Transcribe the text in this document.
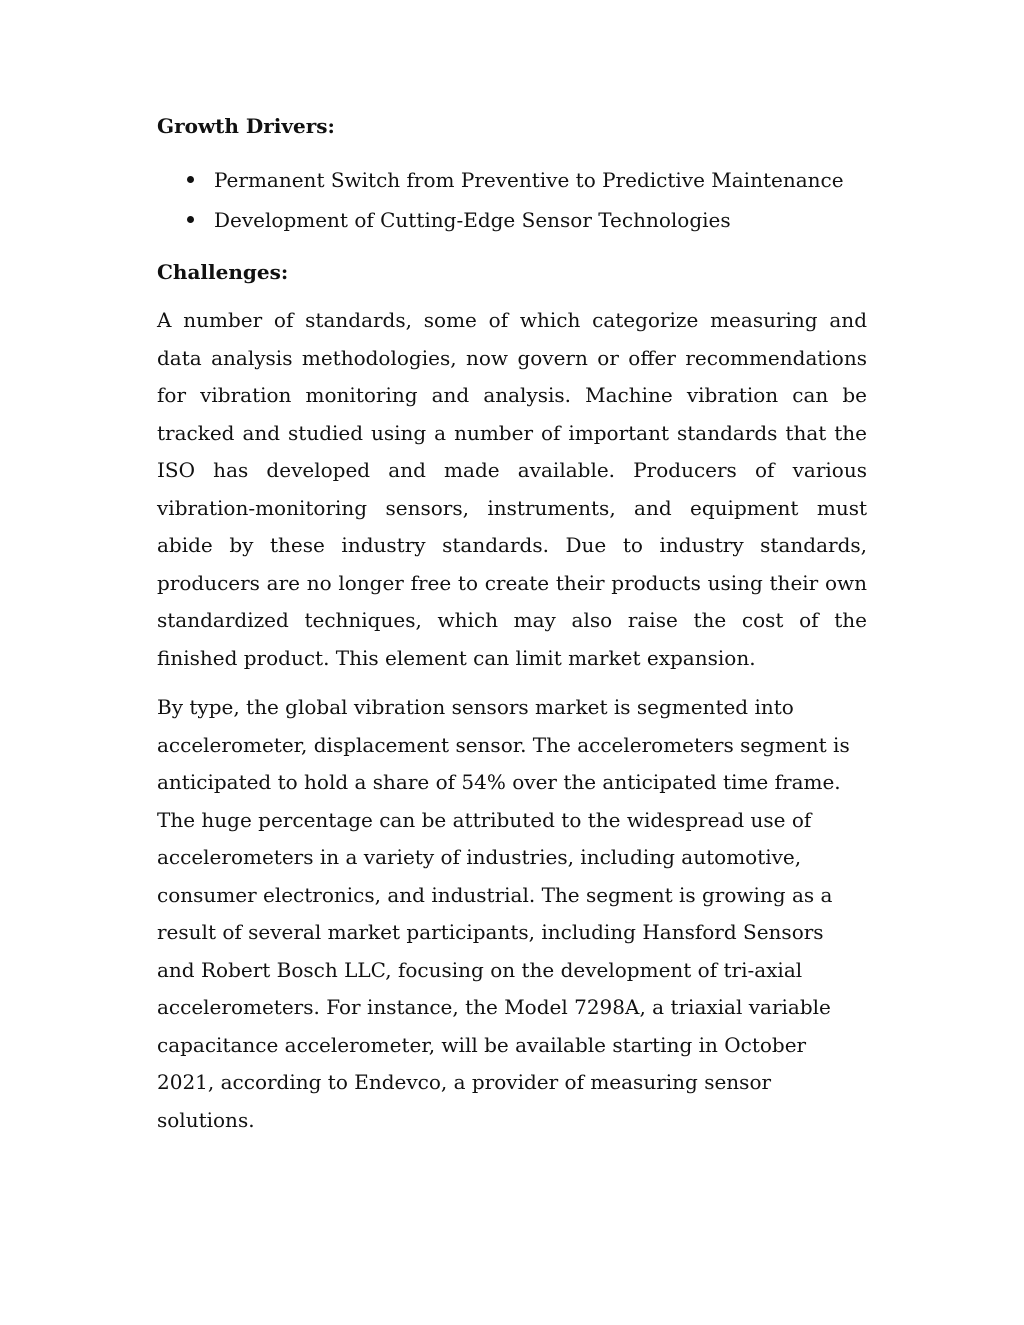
Growth Drivers:
Permanent Switch from Preventive to Predictive Maintenance
Development of Cutting-Edge Sensor Technologies
Challenges:

A number of standards, some of which categorize measuring and data analysis methodologies, now govern or offer recommendations for vibration monitoring and analysis. Machine vibration can be tracked and studied using a number of important standards that the ISO has developed and made available. Producers of various vibration-monitoring sensors, instruments, and equipment must abide by these industry standards. Due to industry standards, producers are no longer free to create their products using their own standardized techniques, which may also raise the cost of the finished product. This element can limit market expansion.

By type, the global vibration sensors market is segmented into accelerometer, displacement sensor. The accelerometers segment is anticipated to hold a share of 54% over the anticipated time frame. The huge percentage can be attributed to the widespread use of accelerometers in a variety of industries, including automotive, consumer electronics, and industrial. The segment is growing as a result of several market participants, including Hansford Sensors and Robert Bosch LLC, focusing on the development of tri-axial accelerometers. For instance, the Model 7298A, a triaxial variable capacitance accelerometer, will be available starting in October 2021, according to Endevco, a provider of measuring sensor solutions.
